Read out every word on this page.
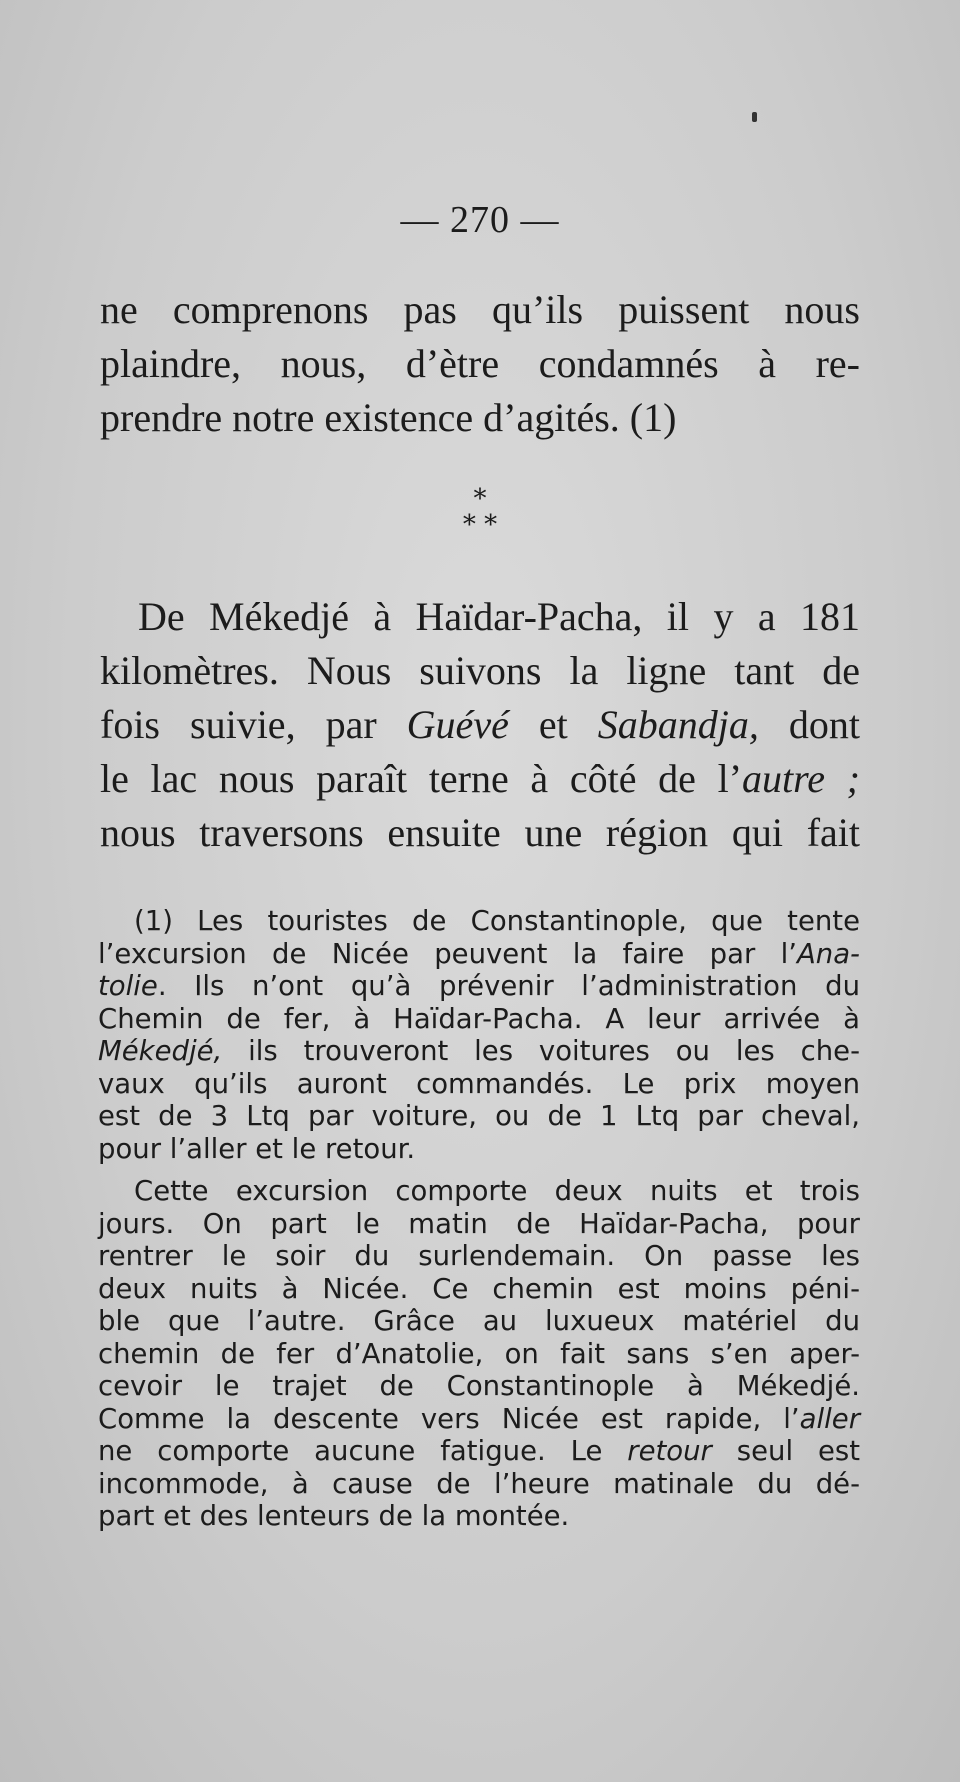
— 270 —
ne comprenons pas qu’ils puissent nous
plaindre, nous, d’ètre condamnés à re-
prendre notre existence d’agités. (1)
*
* *
De Mékedjé à Haïdar-Pacha, il y a 181
kilomètres. Nous suivons la ligne tant de
fois suivie, par Guévé et Sabandja, dont
le lac nous paraît terne à côté de l’autre ;
nous traversons ensuite une région qui fait
(1) Les touristes de Constantinople, que tente
l’excursion de Nicée peuvent la faire par l’Ana-
tolie. Ils n’ont qu’à prévenir l’administration du
Chemin de fer, à Haïdar-Pacha. A leur arrivée à
Mékedjé, ils trouveront les voitures ou les che-
vaux qu’ils auront commandés. Le prix moyen
est de 3 Ltq par voiture, ou de 1 Ltq par cheval,
pour l’aller et le retour.
Cette excursion comporte deux nuits et trois
jours. On part le matin de Haïdar-Pacha, pour
rentrer le soir du surlendemain. On passe les
deux nuits à Nicée. Ce chemin est moins péni-
ble que l’autre. Grâce au luxueux matériel du
chemin de fer d’Anatolie, on fait sans s’en aper-
cevoir le trajet de Constantinople à Mékedjé.
Comme la descente vers Nicée est rapide, l’aller
ne comporte aucune fatigue. Le retour seul est
incommode, à cause de l’heure matinale du dé-
part et des lenteurs de la montée.
